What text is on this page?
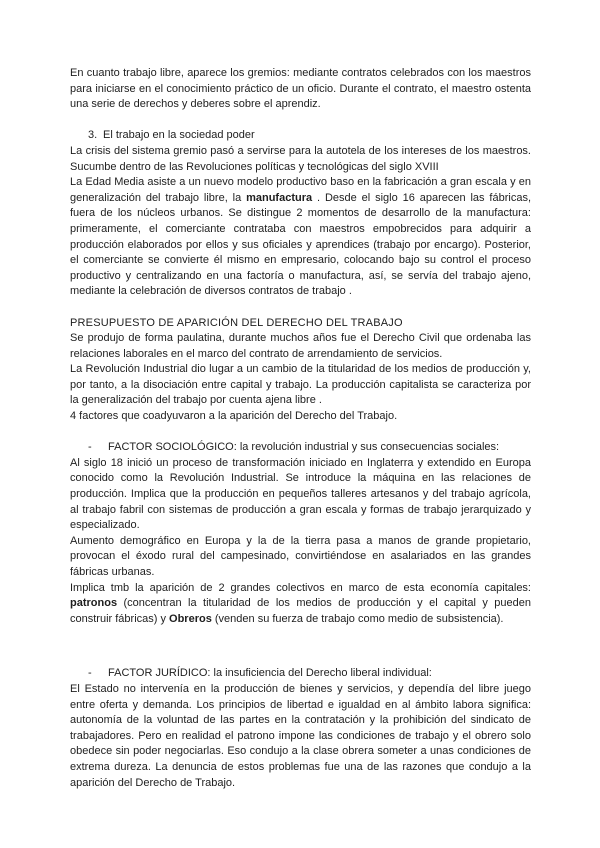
En cuanto trabajo libre, aparece los gremios: mediante contratos celebrados con los maestros para iniciarse en el conocimiento práctico de un oficio. Durante el contrato, el maestro ostenta una serie de derechos y deberes sobre el aprendiz.

3. El trabajo en la sociedad poder

La crisis del sistema gremio pasó a servirse para la autotela de los intereses de los maestros. Sucumbe dentro de las Revoluciones políticas y tecnológicas del siglo XVIII

La Edad Media asiste a un nuevo modelo productivo baso en la fabricación a gran escala y en generalización del trabajo libre, la manufactura . Desde el siglo 16 aparecen las fábricas, fuera de los núcleos urbanos. Se distingue 2 momentos de desarrollo de la manufactura: primeramente, el comerciante contrataba con maestros empobrecidos para adquirir a producción elaborados por ellos y sus oficiales y aprendices (trabajo por encargo). Posterior, el comerciante se convierte él mismo en empresario, colocando bajo su control el proceso productivo y centralizando en una factoría o manufactura, así, se servía del trabajo ajeno, mediante la celebración de diversos contratos de trabajo .

PRESUPUESTO DE APARICIÓN DEL DERECHO DEL TRABAJO

Se produjo de forma paulatina, durante muchos años fue el Derecho Civil que ordenaba las relaciones laborales en el marco del contrato de arrendamiento de servicios.

La Revolución Industrial dio lugar a un cambio de la titularidad de los medios de producción y, por tanto, a la disociación entre capital y trabajo. La producción capitalista se caracteriza por la generalización del trabajo por cuenta ajena libre .

4 factores que coadyuvaron a la aparición del Derecho del Trabajo.

-	FACTOR SOCIOLÓGICO: la revolución industrial y sus consecuencias sociales:

Al siglo 18 inició un proceso de transformación iniciado en Inglaterra y extendido en Europa conocido como la Revolución Industrial. Se introduce la máquina en las relaciones de producción. Implica que la producción en pequeños talleres artesanos y del trabajo agrícola, al trabajo fabril con sistemas de producción a gran escala y formas de trabajo jerarquizado y especializado.

Aumento demográfico en Europa y la de la tierra pasa a manos de grande propietario, provocan el éxodo rural del campesinado, convirtiéndose en asalariados en las grandes fábricas urbanas.

Implica tmb la aparición de 2 grandes colectivos en marco de esta economía capitales: patronos (concentran la titularidad de los medios de producción y el capital y pueden construir fábricas) y Obreros (venden su fuerza de trabajo como medio de subsistencia).

-	FACTOR JURÍDICO: la insuficiencia del Derecho liberal individual:

El Estado no intervenía en la producción de bienes y servicios, y dependía del libre juego entre oferta y demanda. Los principios de libertad e igualdad en al ámbito labora significa: autonomía de la voluntad de las partes en la contratación y la prohibición del sindicato de trabajadores. Pero en realidad el patrono impone las condiciones de trabajo y el obrero solo obedece sin poder negociarlas. Eso condujo a la clase obrera someter a unas condiciones de extrema dureza. La denuncia de estos problemas fue una de las razones que condujo a la aparición del Derecho de Trabajo.
